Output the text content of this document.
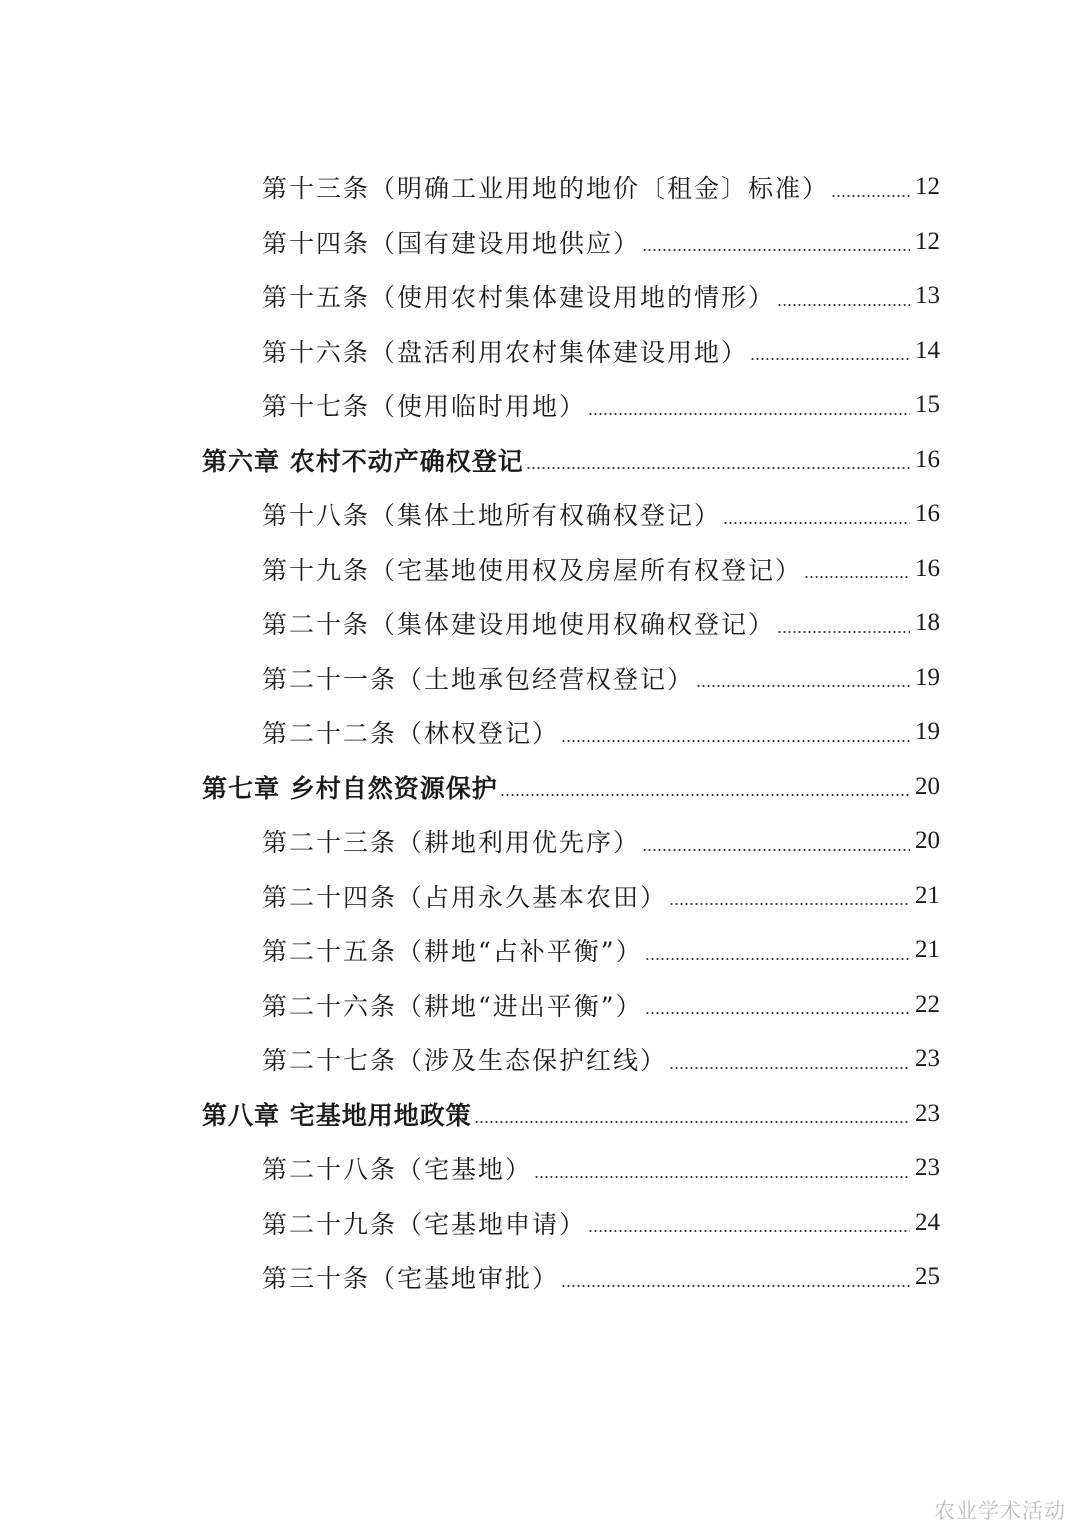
第十三条（明确工业用地的地价〔租金〕标准）	12
第十四条（国有建设用地供应）	12
第十五条（使用农村集体建设用地的情形）	13
第十六条（盘活利用农村集体建设用地）	14
第十七条（使用临时用地）	15
第六章 农村不动产确权登记	16
第十八条（集体土地所有权确权登记）	16
第十九条（宅基地使用权及房屋所有权登记）	16
第二十条（集体建设用地使用权确权登记）	18
第二十一条（土地承包经营权登记）	19
第二十二条（林权登记）	19
第七章 乡村自然资源保护	20
第二十三条（耕地利用优先序）	20
第二十四条（占用永久基本农田）	21
第二十五条（耕地“占补平衡”）	21
第二十六条（耕地“进出平衡”）	22
第二十七条（涉及生态保护红线）	23
第八章 宅基地用地政策	23
第二十八条（宅基地）	23
第二十九条（宅基地申请）	24
第三十条（宅基地审批）	25
农业学术活动
